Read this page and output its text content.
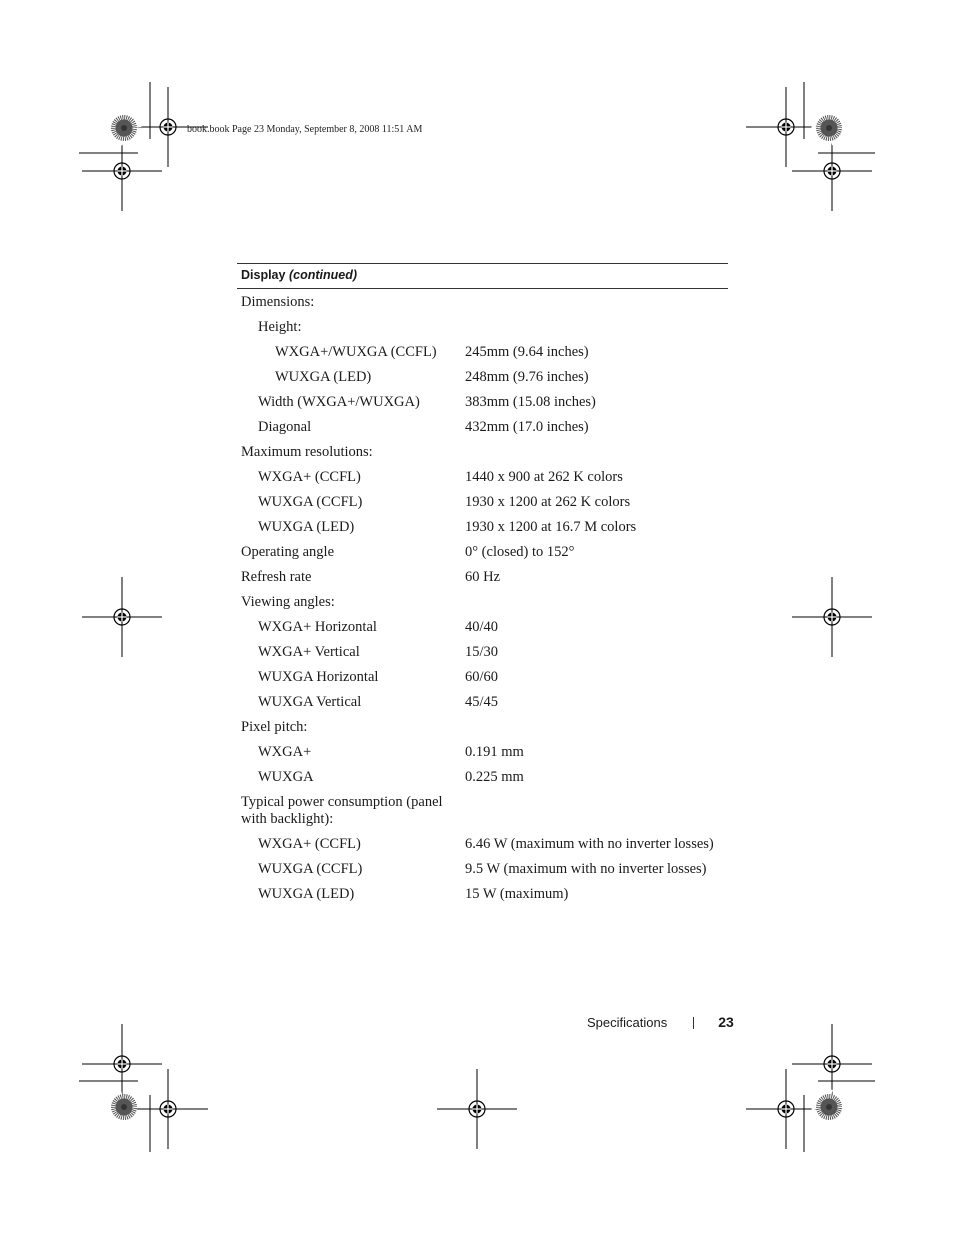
book.book Page 23 Monday, September 8, 2008 11:51 AM
Display (continued)
Dimensions:
Height:
WXGA+/WUXGA (CCFL)	245mm (9.64 inches)
WUXGA (LED)	248mm (9.76 inches)
Width (WXGA+/WUXGA)	383mm (15.08 inches)
Diagonal	432mm (17.0 inches)
Maximum resolutions:
WXGA+ (CCFL)	1440 x 900 at 262 K colors
WUXGA (CCFL)	1930 x 1200 at 262 K colors
WUXGA (LED)	1930 x 1200 at 16.7 M colors
Operating angle	0° (closed) to 152°
Refresh rate	60 Hz
Viewing angles:
WXGA+ Horizontal	40/40
WXGA+ Vertical	15/30
WUXGA Horizontal	60/60
WUXGA Vertical	45/45
Pixel pitch:
WXGA+	0.191 mm
WUXGA	0.225 mm
Typical power consumption (panel with backlight):
WXGA+ (CCFL)	6.46 W (maximum with no inverter losses)
WUXGA (CCFL)	9.5 W (maximum with no inverter losses)
WUXGA (LED)	15 W (maximum)
Specifications	23
